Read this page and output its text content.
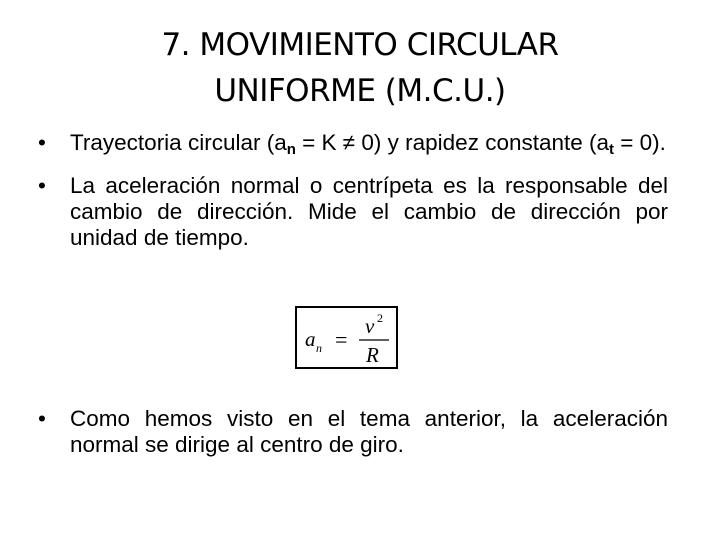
7. MOVIMIENTO CIRCULAR
UNIFORME (M.C.U.)
•	Trayectoria circular $(a_n = K \ne 0)$ y rapidez constante $(a_t = 0)$.
•	La aceleración normal o centrípeta es la responsable del cambio de dirección. Mide el cambio de dirección por unidad de tiempo.
a n =
v 2
R
•	Como hemos visto en el tema anterior, la aceleración normal se dirige al centro de giro.
